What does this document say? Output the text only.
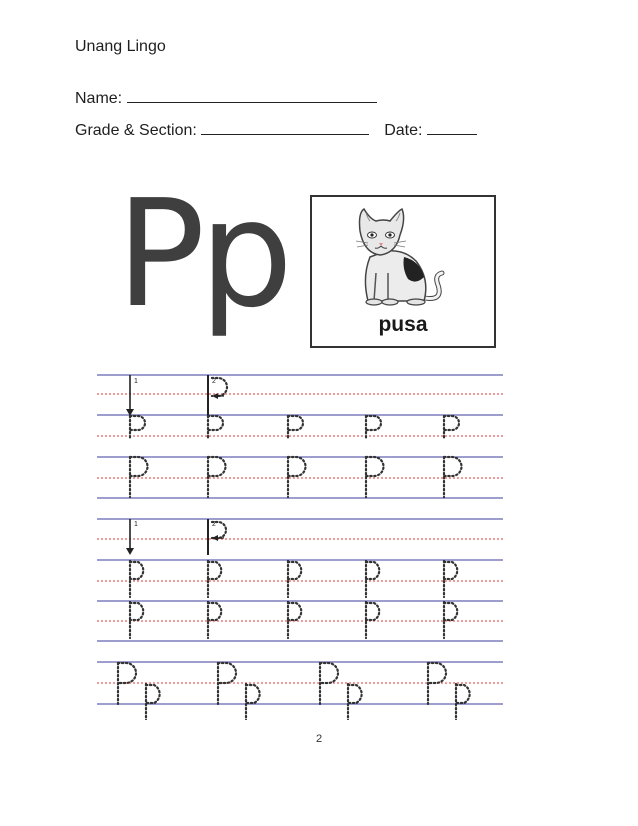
Unang Lingo
Name:
Grade & Section:	Date:
Pp	pusa
1	2
1	2
2
